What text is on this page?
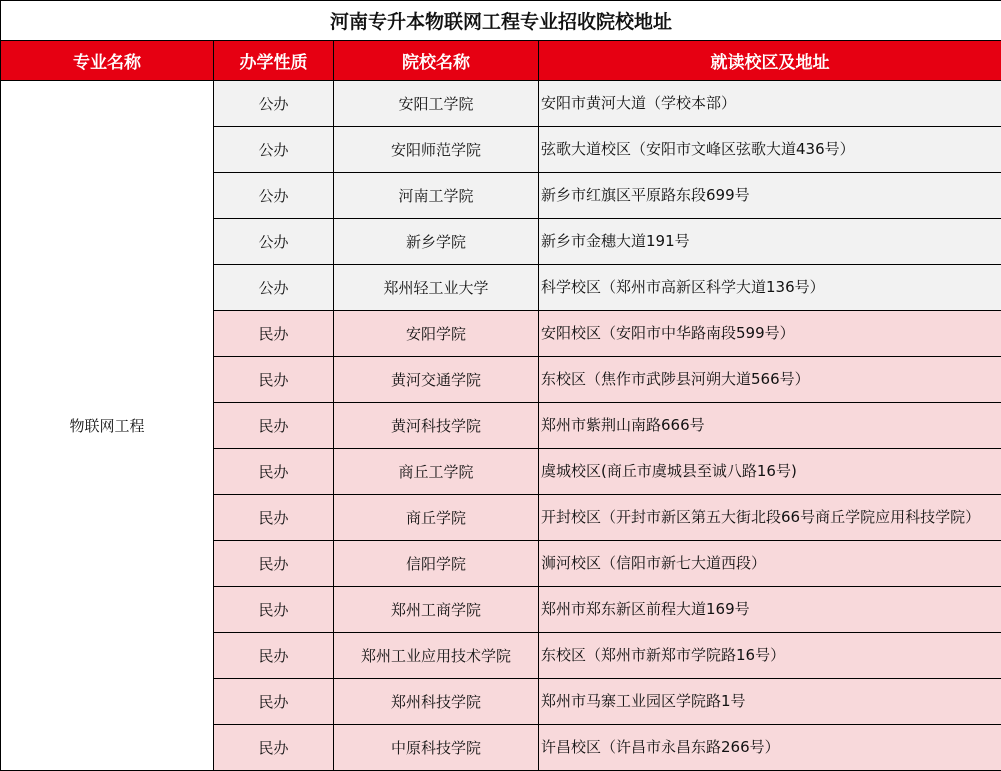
河南专升本物联网工程专业招收院校地址			
专业名称	办学性质	院校名称	就读校区及地址
物联网工程	公办	安阳工学院	安阳市黄河大道（学校本部）
	公办	安阳师范学院	弦歌大道校区（安阳市文峰区弦歌大道436号）
	公办	河南工学院	新乡市红旗区平原路东段699号
	公办	新乡学院	新乡市金穗大道191号
	公办	郑州轻工业大学	科学校区（郑州市高新区科学大道136号）
	民办	安阳学院	安阳校区（安阳市中华路南段599号）
	民办	黄河交通学院	东校区（焦作市武陟县河朔大道566号）
	民办	黄河科技学院	郑州市紫荆山南路666号
	民办	商丘工学院	虞城校区(商丘市虞城县至诚八路16号)
	民办	商丘学院	开封校区（开封市新区第五大街北段66号商丘学院应用科技学院）
	民办	信阳学院	浉河校区（信阳市新七大道西段）
	民办	郑州工商学院	郑州市郑东新区前程大道169号
	民办	郑州工业应用技术学院	东校区（郑州市新郑市学院路16号）
	民办	郑州科技学院	郑州市马寨工业园区学院路1号
	民办	中原科技学院	许昌校区（许昌市永昌东路266号）
